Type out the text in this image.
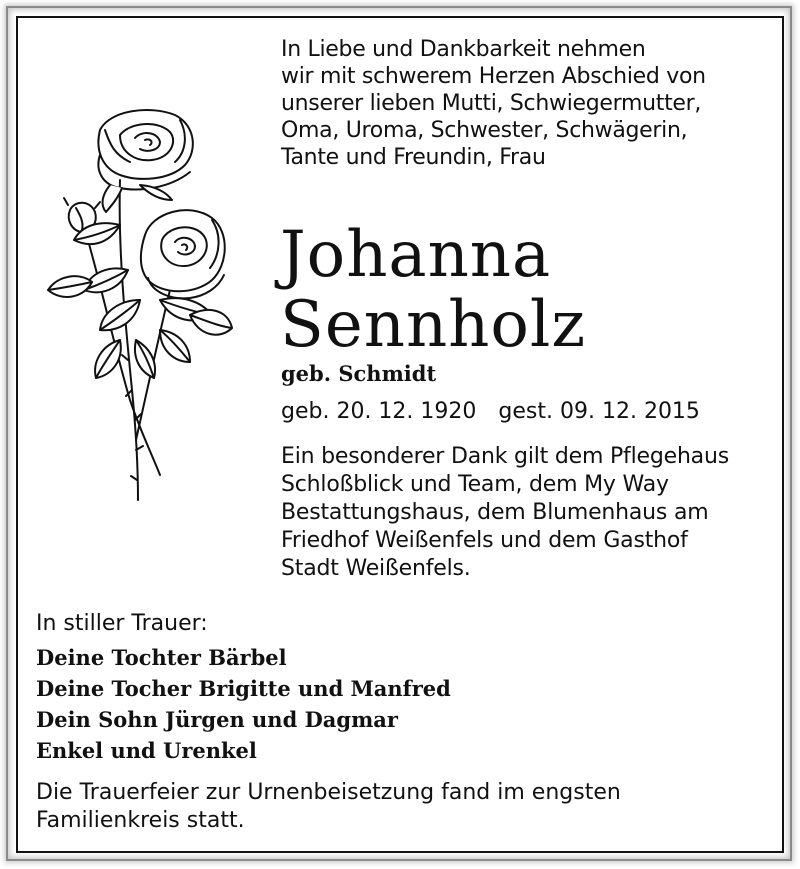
In Liebe und Dankbarkeit nehmen
wir mit schwerem Herzen Abschied von
unserer lieben Mutti, Schwiegermutter,
Oma, Uroma, Schwester, Schwägerin,
Tante und Freundin, Frau
Johanna
Sennholz
geb. Schmidt
geb. 20. 12. 1920 gest. 09. 12. 2015
Ein besonderer Dank gilt dem Pflegehaus
Schloßblick und Team, dem My Way
Bestattungshaus, dem Blumenhaus am
Friedhof Weißenfels und dem Gasthof
Stadt Weißenfels.
In stiller Trauer:
Deine Tochter Bärbel
Deine Tocher Brigitte und Manfred
Dein Sohn Jürgen und Dagmar
Enkel und Urenkel
Die Trauerfeier zur Urnenbeisetzung fand im engsten
Familienkreis statt.
